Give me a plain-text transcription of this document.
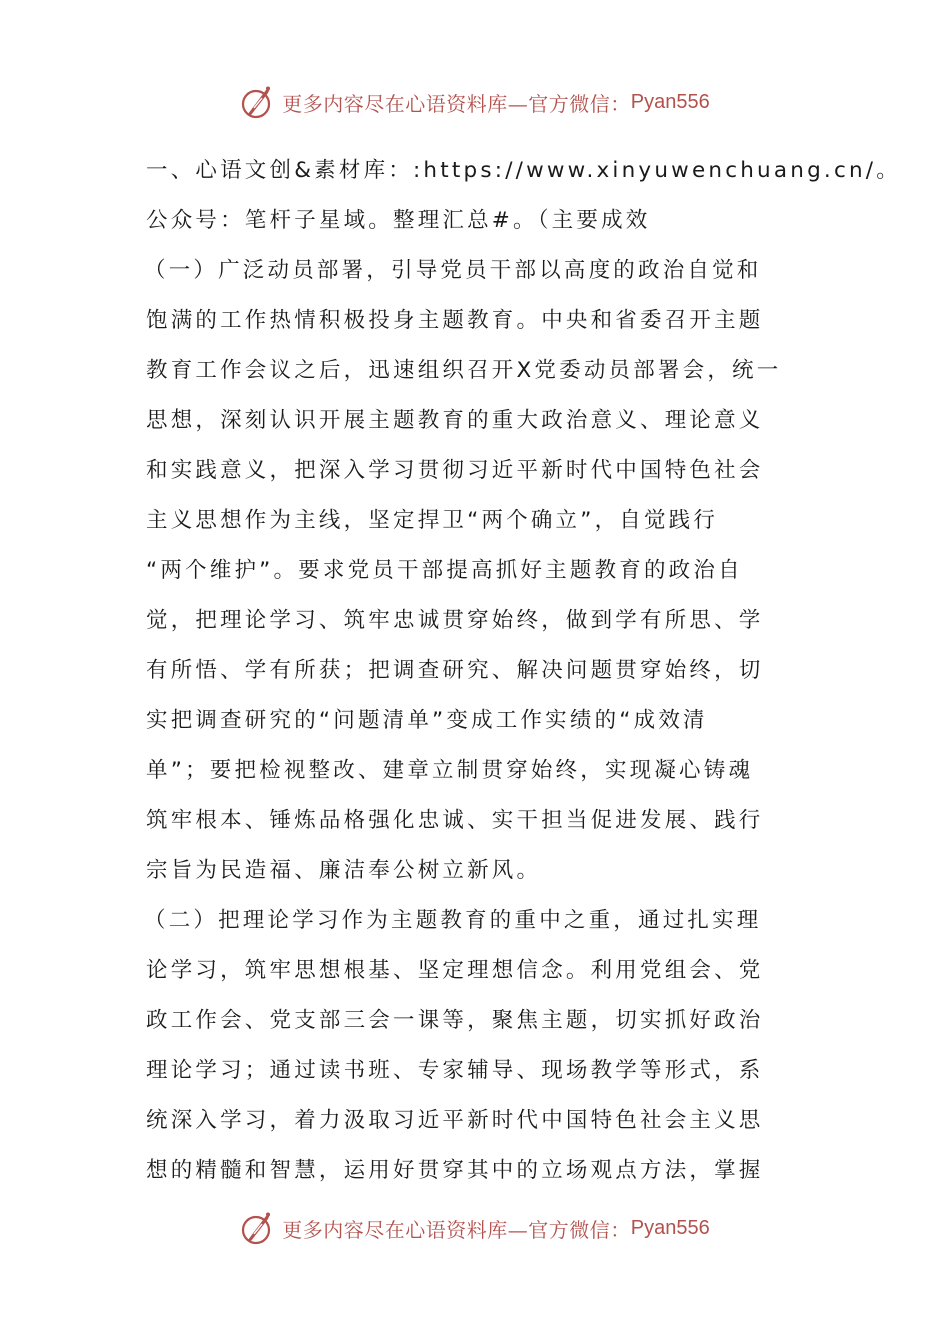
更多内容尽在心语资料库—官方微信： Pyan556
一、心语文创&素材库：:https://www.xinyuwenchuang.cn/。
公众号：笔杆子星域。整理汇总#。（主要成效
（一）广泛动员部署，引导党员干部以高度的政治自觉和
饱满的工作热情积极投身主题教育。中央和省委召开主题
教育工作会议之后，迅速组织召开X党委动员部署会，统一
思想，深刻认识开展主题教育的重大政治意义、理论意义
和实践意义，把深入学习贯彻习近平新时代中国特色社会
主义思想作为主线，坚定捍卫“两个确立”，自觉践行
“两个维护”。要求党员干部提高抓好主题教育的政治自
觉，把理论学习、筑牢忠诚贯穿始终，做到学有所思、学
有所悟、学有所获；把调查研究、解决问题贯穿始终，切
实把调查研究的“问题清单”变成工作实绩的“成效清
单”；要把检视整改、建章立制贯穿始终，实现凝心铸魂
筑牢根本、锤炼品格强化忠诚、实干担当促进发展、践行
宗旨为民造福、廉洁奉公树立新风。
（二）把理论学习作为主题教育的重中之重，通过扎实理
论学习，筑牢思想根基、坚定理想信念。利用党组会、党
政工作会、党支部三会一课等，聚焦主题，切实抓好政治
理论学习；通过读书班、专家辅导、现场教学等形式，系
统深入学习，着力汲取习近平新时代中国特色社会主义思
想的精髓和智慧，运用好贯穿其中的立场观点方法，掌握
更多内容尽在心语资料库—官方微信： Pyan556
